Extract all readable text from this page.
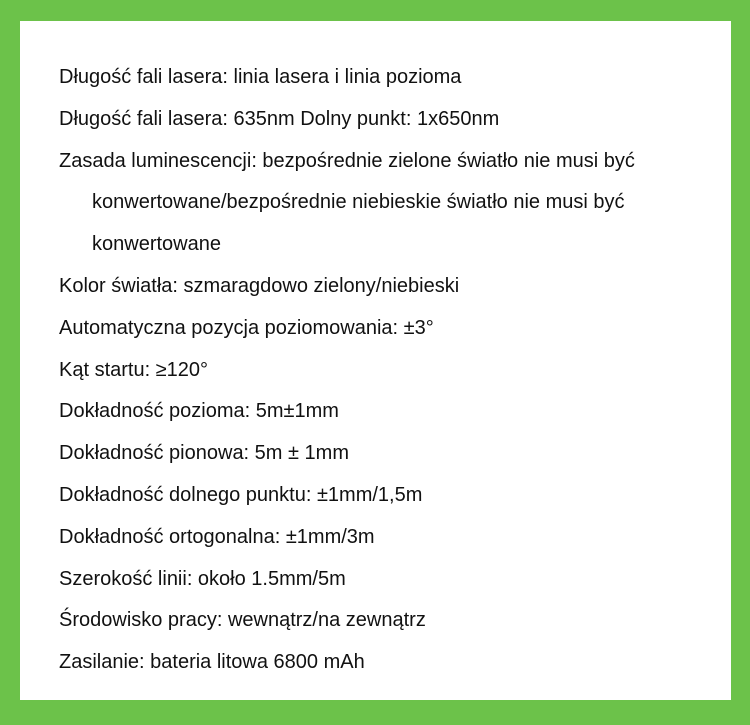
Długość fali lasera: linia lasera i linia pozioma
Długość fali lasera: 635nm Dolny punkt: 1x650nm
Zasada luminescencji: bezpośrednie zielone światło nie musi być konwertowane/bezpośrednie niebieskie światło nie musi być konwertowane
Kolor światła: szmaragdowo zielony/niebieski
Automatyczna pozycja poziomowania: ±3°
Kąt startu: ≥120°
Dokładność pozioma: 5m±1mm
Dokładność pionowa: 5m ± 1mm
Dokładność dolnego punktu: ±1mm/1,5m
Dokładność ortogonalna: ±1mm/3m
Szerokość linii: około 1.5mm/5m
Środowisko pracy: wewnątrz/na zewnątrz
Zasilanie: bateria litowa 6800 mAh
